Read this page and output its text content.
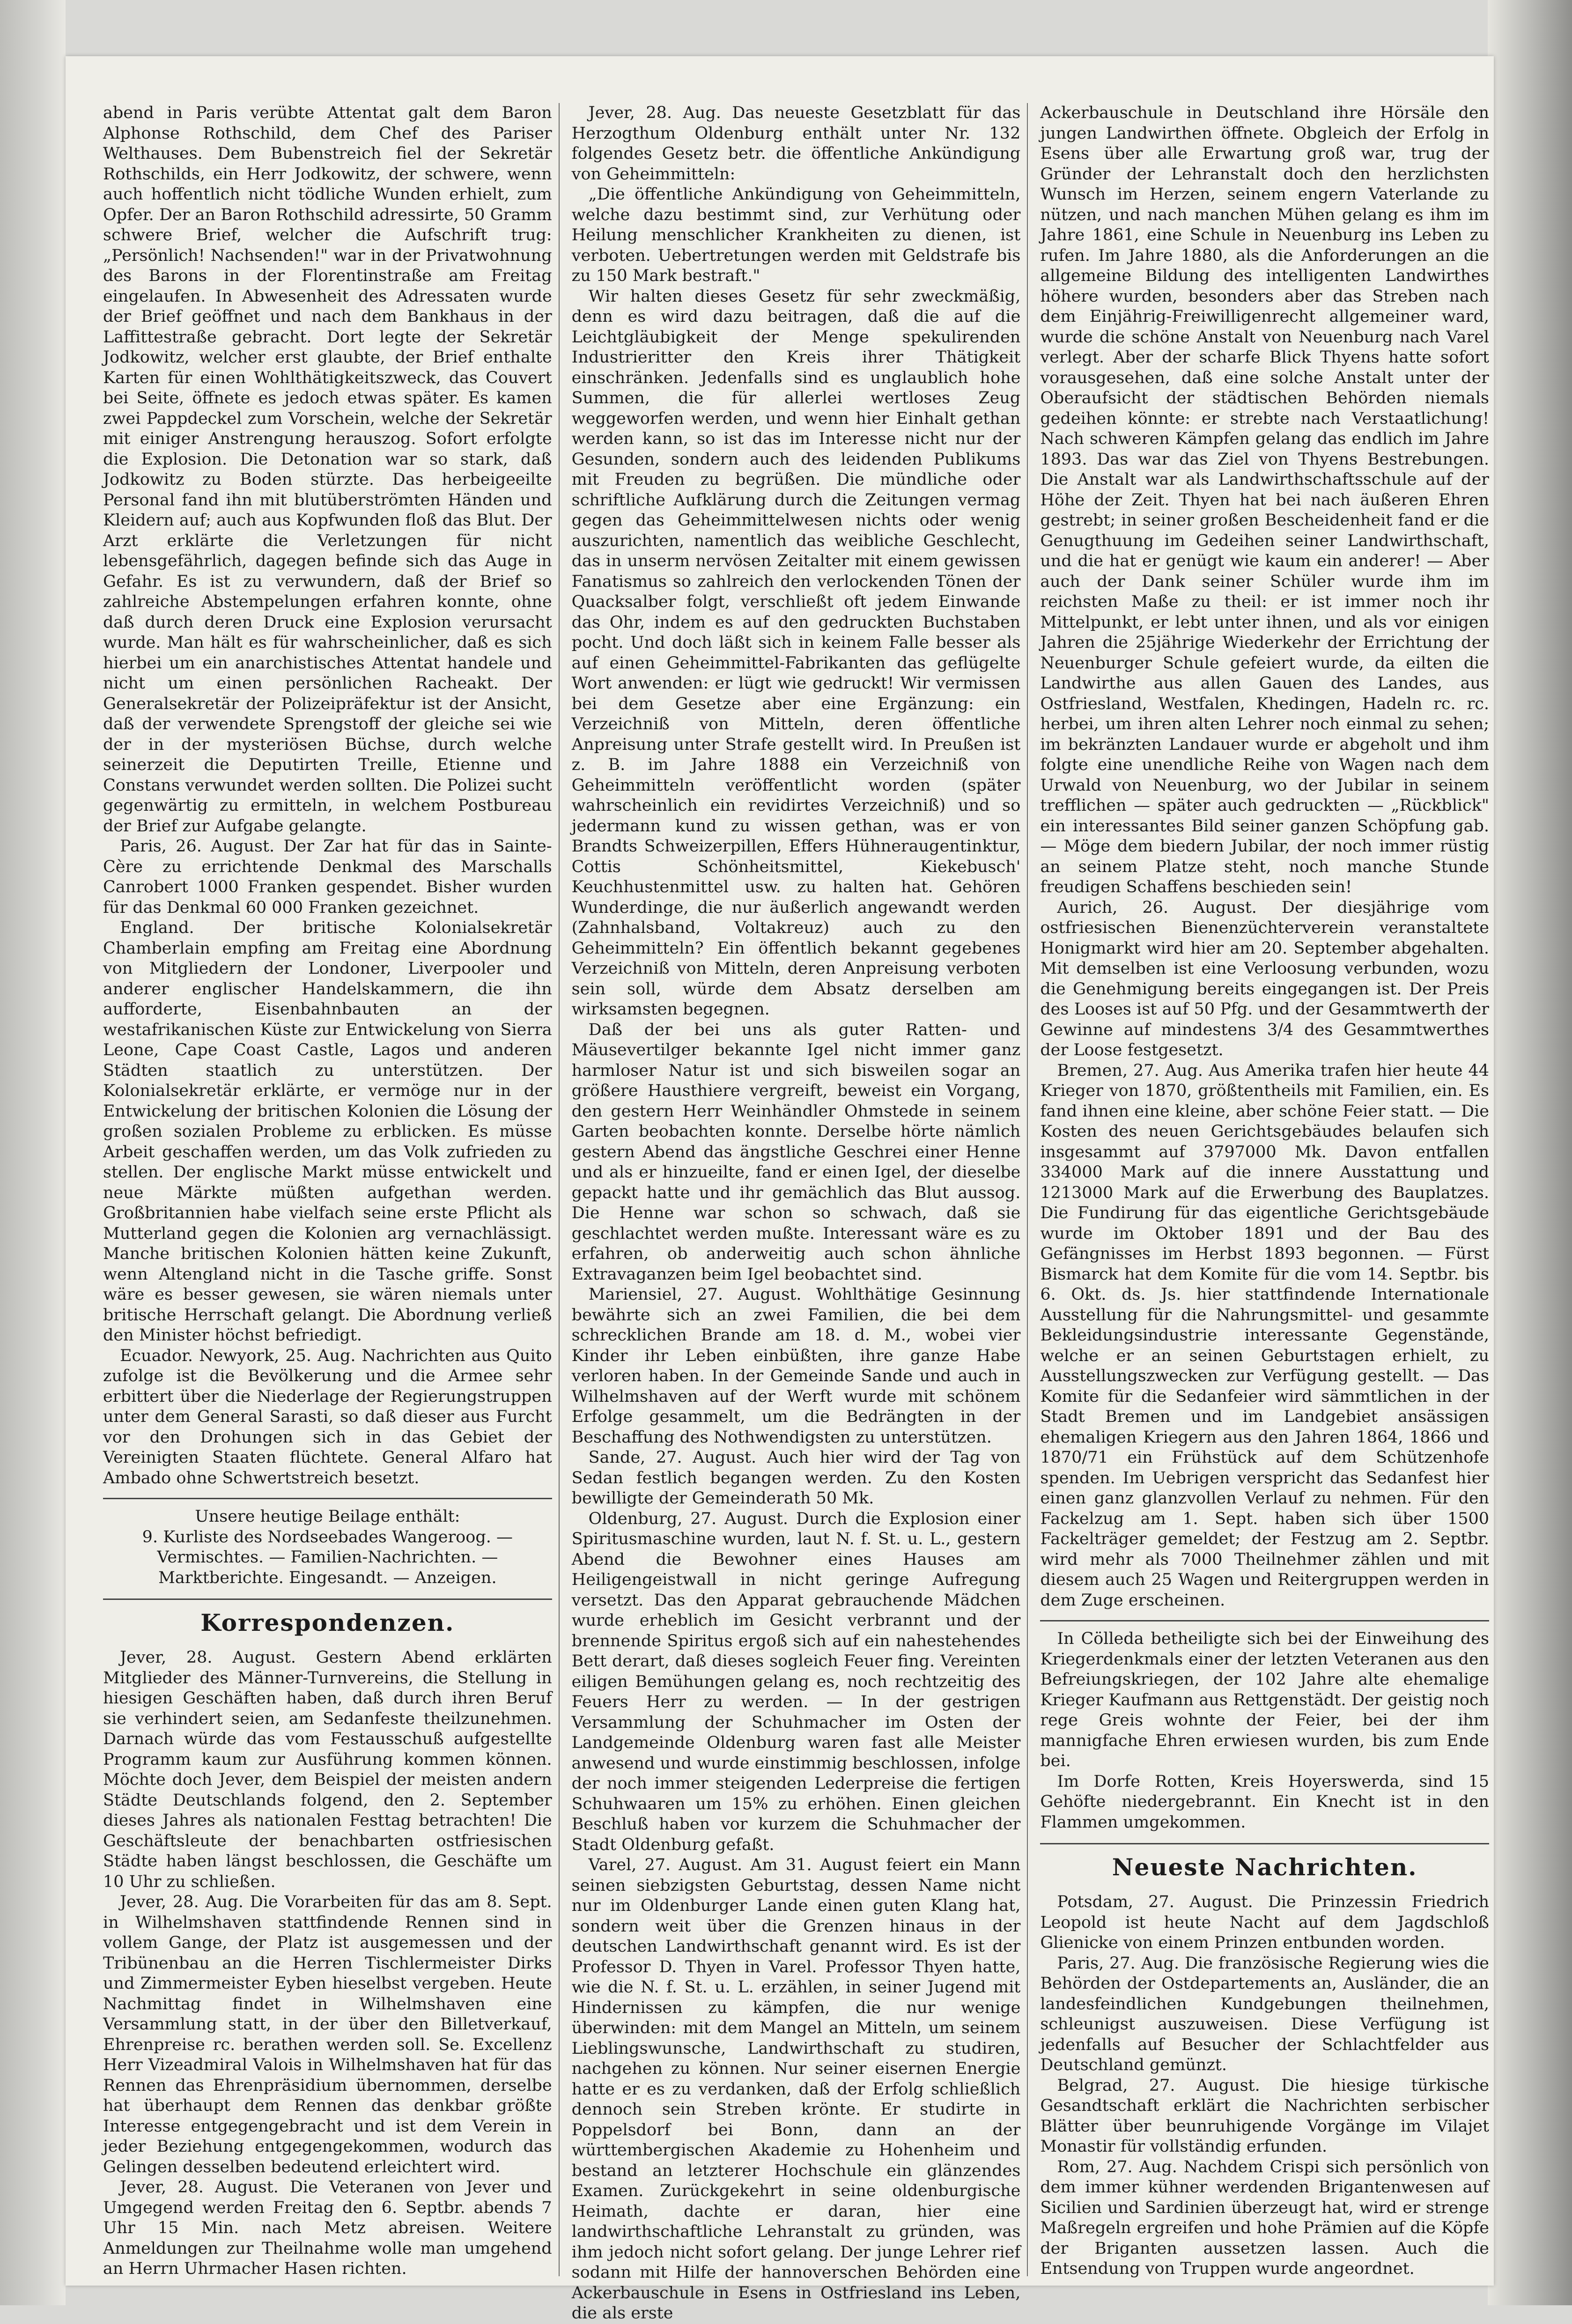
abend in Paris verübte Attentat galt dem Baron Alphonse Rothschild, dem Chef des Pariser Welthauses. Dem Bubenstreich fiel der Sekretär Rothschilds, ein Herr Jodkowitz, der schwere, wenn auch hoffentlich nicht tödliche Wunden erhielt, zum Opfer. Der an Baron Rothschild adressirte, 50 Gramm schwere Brief, welcher die Aufschrift trug: „Persönlich! Nachsenden!" war in der Privatwohnung des Barons in der Florentinstraße am Freitag eingelaufen. In Abwesenheit des Adressaten wurde der Brief geöffnet und nach dem Bankhaus in der Laffittestraße gebracht. Dort legte der Sekretär Jodkowitz, welcher erst glaubte, der Brief enthalte Karten für einen Wohlthätigkeitszweck, das Couvert bei Seite, öffnete es jedoch etwas später. Es kamen zwei Pappdeckel zum Vorschein, welche der Sekretär mit einiger Anstrengung herauszog. Sofort erfolgte die Explosion. Die Detonation war so stark, daß Jodkowitz zu Boden stürzte. Das herbeigeeilte Personal fand ihn mit blutüberströmten Händen und Kleidern auf; auch aus Kopfwunden floß das Blut. Der Arzt erklärte die Verletzungen für nicht lebensgefährlich, dagegen befinde sich das Auge in Gefahr. Es ist zu verwundern, daß der Brief so zahlreiche Abstempelungen erfahren konnte, ohne daß durch deren Druck eine Explosion verursacht wurde. Man hält es für wahrscheinlicher, daß es sich hierbei um ein anarchistisches Attentat handele und nicht um einen persönlichen Racheakt. Der Generalsekretär der Polizeipräfektur ist der Ansicht, daß der verwendete Sprengstoff der gleiche sei wie der in der mysteriösen Büchse, durch welche seinerzeit die Deputirten Treille, Etienne und Constans verwundet werden sollten. Die Polizei sucht gegenwärtig zu ermitteln, in welchem Postbureau der Brief zur Aufgabe gelangte.

Paris, 26. August. Der Zar hat für das in Sainte-Cère zu errichtende Denkmal des Marschalls Canrobert 1000 Franken gespendet. Bisher wurden für das Denkmal 60 000 Franken gezeichnet.

England. Der britische Kolonialsekretär Chamberlain empfing am Freitag eine Abordnung von Mitgliedern der Londoner, Liverpooler und anderer englischer Handelskammern, die ihn aufforderte, Eisenbahnbauten an der westafrikanischen Küste zur Entwickelung von Sierra Leone, Cape Coast Castle, Lagos und anderen Städten staatlich zu unterstützen. Der Kolonialsekretär erklärte, er vermöge nur in der Entwickelung der britischen Kolonien die Lösung der großen sozialen Probleme zu erblicken. Es müsse Arbeit geschaffen werden, um das Volk zufrieden zu stellen. Der englische Markt müsse entwickelt und neue Märkte müßten aufgethan werden. Großbritannien habe vielfach seine erste Pflicht als Mutterland gegen die Kolonien arg vernachlässigt. Manche britischen Kolonien hätten keine Zukunft, wenn Altengland nicht in die Tasche griffe. Sonst wäre es besser gewesen, sie wären niemals unter britische Herrschaft gelangt. Die Abordnung verließ den Minister höchst befriedigt.

Ecuador. Newyork, 25. Aug. Nachrichten aus Quito zufolge ist die Bevölkerung und die Armee sehr erbittert über die Niederlage der Regierungstruppen unter dem General Sarasti, so daß dieser aus Furcht vor den Drohungen sich in das Gebiet der Vereinigten Staaten flüchtete. General Alfaro hat Ambado ohne Schwertstreich besetzt.

Unsere heutige Beilage enthält:

9. Kurliste des Nordseebades Wangeroog. — Vermischtes. — Familien-Nachrichten. — Marktberichte. Eingesandt. — Anzeigen.

Korrespondenzen.

Jever, 28. August. Gestern Abend erklärten Mitglieder des Männer-Turnvereins, die Stellung in hiesigen Geschäften haben, daß durch ihren Beruf sie verhindert seien, am Sedanfeste theilzunehmen. Darnach würde das vom Festausschuß aufgestellte Programm kaum zur Ausführung kommen können. Möchte doch Jever, dem Beispiel der meisten andern Städte Deutschlands folgend, den 2. September dieses Jahres als nationalen Festtag betrachten! Die Geschäftsleute der benachbarten ostfriesischen Städte haben längst beschlossen, die Geschäfte um 10 Uhr zu schließen.

Jever, 28. Aug. Die Vorarbeiten für das am 8. Sept. in Wilhelmshaven stattfindende Rennen sind in vollem Gange, der Platz ist ausgemessen und der Tribünenbau an die Herren Tischlermeister Dirks und Zimmermeister Eyben hieselbst vergeben. Heute Nachmittag findet in Wilhelmshaven eine Versammlung statt, in der über den Billetverkauf, Ehrenpreise rc. berathen werden soll. Se. Excellenz Herr Vizeadmiral Valois in Wilhelmshaven hat für das Rennen das Ehrenpräsidium übernommen, derselbe hat überhaupt dem Rennen das denkbar größte Interesse entgegengebracht und ist dem Verein in jeder Beziehung entgegengekommen, wodurch das Gelingen desselben bedeutend erleichtert wird.

Jever, 28. August. Die Veteranen von Jever und Umgegend werden Freitag den 6. Septbr. abends 7 Uhr 15 Min. nach Metz abreisen. Weitere Anmeldungen zur Theilnahme wolle man umgehend an Herrn Uhrmacher Hasen richten.

Jever, 28. Aug. Das neueste Gesetzblatt für das Herzogthum Oldenburg enthält unter Nr. 132 folgendes Gesetz betr. die öffentliche Ankündigung von Geheimmitteln:

„Die öffentliche Ankündigung von Geheimmitteln, welche dazu bestimmt sind, zur Verhütung oder Heilung menschlicher Krankheiten zu dienen, ist verboten. Uebertretungen werden mit Geldstrafe bis zu 150 Mark bestraft."

Wir halten dieses Gesetz für sehr zweckmäßig, denn es wird dazu beitragen, daß die auf die Leichtgläubigkeit der Menge spekulirenden Industrieritter den Kreis ihrer Thätigkeit einschränken. Jedenfalls sind es unglaublich hohe Summen, die für allerlei wertloses Zeug weggeworfen werden, und wenn hier Einhalt gethan werden kann, so ist das im Interesse nicht nur der Gesunden, sondern auch des leidenden Publikums mit Freuden zu begrüßen. Die mündliche oder schriftliche Aufklärung durch die Zeitungen vermag gegen das Geheimmittelwesen nichts oder wenig auszurichten, namentlich das weibliche Geschlecht, das in unserm nervösen Zeitalter mit einem gewissen Fanatismus so zahlreich den verlockenden Tönen der Quacksalber folgt, verschließt oft jedem Einwande das Ohr, indem es auf den gedruckten Buchstaben pocht. Und doch läßt sich in keinem Falle besser als auf einen Geheimmittel-Fabrikanten das geflügelte Wort anwenden: er lügt wie gedruckt! Wir vermissen bei dem Gesetze aber eine Ergänzung: ein Verzeichniß von Mitteln, deren öffentliche Anpreisung unter Strafe gestellt wird. In Preußen ist z. B. im Jahre 1888 ein Verzeichniß von Geheimmitteln veröffentlicht worden (später wahrscheinlich ein revidirtes Verzeichniß) und so jedermann kund zu wissen gethan, was er von Brandts Schweizerpillen, Effers Hühneraugentinktur, Cottis Schönheitsmittel, Kiekebusch' Keuchhustenmittel usw. zu halten hat. Gehören Wunderdinge, die nur äußerlich angewandt werden (Zahnhalsband, Voltakreuz) auch zu den Geheimmitteln? Ein öffentlich bekannt gegebenes Verzeichniß von Mitteln, deren Anpreisung verboten sein soll, würde dem Absatz derselben am wirksamsten begegnen.

Daß der bei uns als guter Ratten- und Mäusevertilger bekannte Igel nicht immer ganz harmloser Natur ist und sich bisweilen sogar an größere Hausthiere vergreift, beweist ein Vorgang, den gestern Herr Weinhändler Ohmstede in seinem Garten beobachten konnte. Derselbe hörte nämlich gestern Abend das ängstliche Geschrei einer Henne und als er hinzueilte, fand er einen Igel, der dieselbe gepackt hatte und ihr gemächlich das Blut aussog. Die Henne war schon so schwach, daß sie geschlachtet werden mußte. Interessant wäre es zu erfahren, ob anderweitig auch schon ähnliche Extravaganzen beim Igel beobachtet sind.

Mariensiel, 27. August. Wohlthätige Gesinnung bewährte sich an zwei Familien, die bei dem schrecklichen Brande am 18. d. M., wobei vier Kinder ihr Leben einbüßten, ihre ganze Habe verloren haben. In der Gemeinde Sande und auch in Wilhelmshaven auf der Werft wurde mit schönem Erfolge gesammelt, um die Bedrängten in der Beschaffung des Nothwendigsten zu unterstützen.

Sande, 27. August. Auch hier wird der Tag von Sedan festlich begangen werden. Zu den Kosten bewilligte der Gemeinderath 50 Mk.

Oldenburg, 27. August. Durch die Explosion einer Spiritusmaschine wurden, laut N. f. St. u. L., gestern Abend die Bewohner eines Hauses am Heiligengeistwall in nicht geringe Aufregung versetzt. Das den Apparat gebrauchende Mädchen wurde erheblich im Gesicht verbrannt und der brennende Spiritus ergoß sich auf ein nahestehendes Bett derart, daß dieses sogleich Feuer fing. Vereinten eiligen Bemühungen gelang es, noch rechtzeitig des Feuers Herr zu werden. — In der gestrigen Versammlung der Schuhmacher im Osten der Landgemeinde Oldenburg waren fast alle Meister anwesend und wurde einstimmig beschlossen, infolge der noch immer steigenden Lederpreise die fertigen Schuhwaaren um 15% zu erhöhen. Einen gleichen Beschluß haben vor kurzem die Schuhmacher der Stadt Oldenburg gefaßt.

Varel, 27. August. Am 31. August feiert ein Mann seinen siebzigsten Geburtstag, dessen Name nicht nur im Oldenburger Lande einen guten Klang hat, sondern weit über die Grenzen hinaus in der deutschen Landwirthschaft genannt wird. Es ist der Professor D. Thyen in Varel. Professor Thyen hatte, wie die N. f. St. u. L. erzählen, in seiner Jugend mit Hindernissen zu kämpfen, die nur wenige überwinden: mit dem Mangel an Mitteln, um seinem Lieblingswunsche, Landwirthschaft zu studiren, nachgehen zu können. Nur seiner eisernen Energie hatte er es zu verdanken, daß der Erfolg schließlich dennoch sein Streben krönte. Er studirte in Poppelsdorf bei Bonn, dann an der württembergischen Akademie zu Hohenheim und bestand an letzterer Hochschule ein glänzendes Examen. Zurückgekehrt in seine oldenburgische Heimath, dachte er daran, hier eine landwirthschaftliche Lehranstalt zu gründen, was ihm jedoch nicht sofort gelang. Der junge Lehrer rief sodann mit Hilfe der hannoverschen Behörden eine Ackerbauschule in Esens in Ostfriesland ins Leben, die als erste

Ackerbauschule in Deutschland ihre Hörsäle den jungen Landwirthen öffnete. Obgleich der Erfolg in Esens über alle Erwartung groß war, trug der Gründer der Lehranstalt doch den herzlichsten Wunsch im Herzen, seinem engern Vaterlande zu nützen, und nach manchen Mühen gelang es ihm im Jahre 1861, eine Schule in Neuenburg ins Leben zu rufen. Im Jahre 1880, als die Anforderungen an die allgemeine Bildung des intelligenten Landwirthes höhere wurden, besonders aber das Streben nach dem Einjährig-Freiwilligenrecht allgemeiner ward, wurde die schöne Anstalt von Neuenburg nach Varel verlegt. Aber der scharfe Blick Thyens hatte sofort vorausgesehen, daß eine solche Anstalt unter der Oberaufsicht der städtischen Behörden niemals gedeihen könnte: er strebte nach Verstaatlichung! Nach schweren Kämpfen gelang das endlich im Jahre 1893. Das war das Ziel von Thyens Bestrebungen. Die Anstalt war als Landwirthschaftsschule auf der Höhe der Zeit. Thyen hat bei nach äußeren Ehren gestrebt; in seiner großen Bescheidenheit fand er die Genugthuung im Gedeihen seiner Landwirthschaft, und die hat er genügt wie kaum ein anderer! — Aber auch der Dank seiner Schüler wurde ihm im reichsten Maße zu theil: er ist immer noch ihr Mittelpunkt, er lebt unter ihnen, und als vor einigen Jahren die 25jährige Wiederkehr der Errichtung der Neuenburger Schule gefeiert wurde, da eilten die Landwirthe aus allen Gauen des Landes, aus Ostfriesland, Westfalen, Khedingen, Hadeln rc. rc. herbei, um ihren alten Lehrer noch einmal zu sehen; im bekränzten Landauer wurde er abgeholt und ihm folgte eine unendliche Reihe von Wagen nach dem Urwald von Neuenburg, wo der Jubilar in seinem trefflichen — später auch gedruckten — „Rückblick" ein interessantes Bild seiner ganzen Schöpfung gab. — Möge dem biedern Jubilar, der noch immer rüstig an seinem Platze steht, noch manche Stunde freudigen Schaffens beschieden sein!

Aurich, 26. August. Der diesjährige vom ostfriesischen Bienenzüchterverein veranstaltete Honigmarkt wird hier am 20. September abgehalten. Mit demselben ist eine Verloosung verbunden, wozu die Genehmigung bereits eingegangen ist. Der Preis des Looses ist auf 50 Pfg. und der Gesammtwerth der Gewinne auf mindestens 3/4 des Gesammtwerthes der Loose festgesetzt.

Bremen, 27. Aug. Aus Amerika trafen hier heute 44 Krieger von 1870, größtentheils mit Familien, ein. Es fand ihnen eine kleine, aber schöne Feier statt. — Die Kosten des neuen Gerichtsgebäudes belaufen sich insgesammt auf 3797000 Mk. Davon entfallen 334000 Mark auf die innere Ausstattung und 1213000 Mark auf die Erwerbung des Bauplatzes. Die Fundirung für das eigentliche Gerichtsgebäude wurde im Oktober 1891 und der Bau des Gefängnisses im Herbst 1893 begonnen. — Fürst Bismarck hat dem Komite für die vom 14. Septbr. bis 6. Okt. ds. Js. hier stattfindende Internationale Ausstellung für die Nahrungsmittel- und gesammte Bekleidungsindustrie interessante Gegenstände, welche er an seinen Geburtstagen erhielt, zu Ausstellungszwecken zur Verfügung gestellt. — Das Komite für die Sedanfeier wird sämmtlichen in der Stadt Bremen und im Landgebiet ansässigen ehemaligen Kriegern aus den Jahren 1864, 1866 und 1870/71 ein Frühstück auf dem Schützenhofe spenden. Im Uebrigen verspricht das Sedanfest hier einen ganz glanzvollen Verlauf zu nehmen. Für den Fackelzug am 1. Sept. haben sich über 1500 Fackelträger gemeldet; der Festzug am 2. Septbr. wird mehr als 7000 Theilnehmer zählen und mit diesem auch 25 Wagen und Reitergruppen werden in dem Zuge erscheinen.

In Cölleda betheiligte sich bei der Einweihung des Kriegerdenkmals einer der letzten Veteranen aus den Befreiungskriegen, der 102 Jahre alte ehemalige Krieger Kaufmann aus Rettgenstädt. Der geistig noch rege Greis wohnte der Feier, bei der ihm mannigfache Ehren erwiesen wurden, bis zum Ende bei.

Im Dorfe Rotten, Kreis Hoyerswerda, sind 15 Gehöfte niedergebrannt. Ein Knecht ist in den Flammen umgekommen.

Neueste Nachrichten.

Potsdam, 27. August. Die Prinzessin Friedrich Leopold ist heute Nacht auf dem Jagdschloß Glienicke von einem Prinzen entbunden worden.

Paris, 27. Aug. Die französische Regierung wies die Behörden der Ostdepartements an, Ausländer, die an landesfeindlichen Kundgebungen theilnehmen, schleunigst auszuweisen. Diese Verfügung ist jedenfalls auf Besucher der Schlachtfelder aus Deutschland gemünzt.

Belgrad, 27. August. Die hiesige türkische Gesandtschaft erklärt die Nachrichten serbischer Blätter über beunruhigende Vorgänge im Vilajet Monastir für vollständig erfunden.

Rom, 27. Aug. Nachdem Crispi sich persönlich von dem immer kühner werdenden Brigantenwesen auf Sicilien und Sardinien überzeugt hat, wird er strenge Maßregeln ergreifen und hohe Prämien auf die Köpfe der Briganten aussetzen lassen. Auch die Entsendung von Truppen wurde angeordnet.
